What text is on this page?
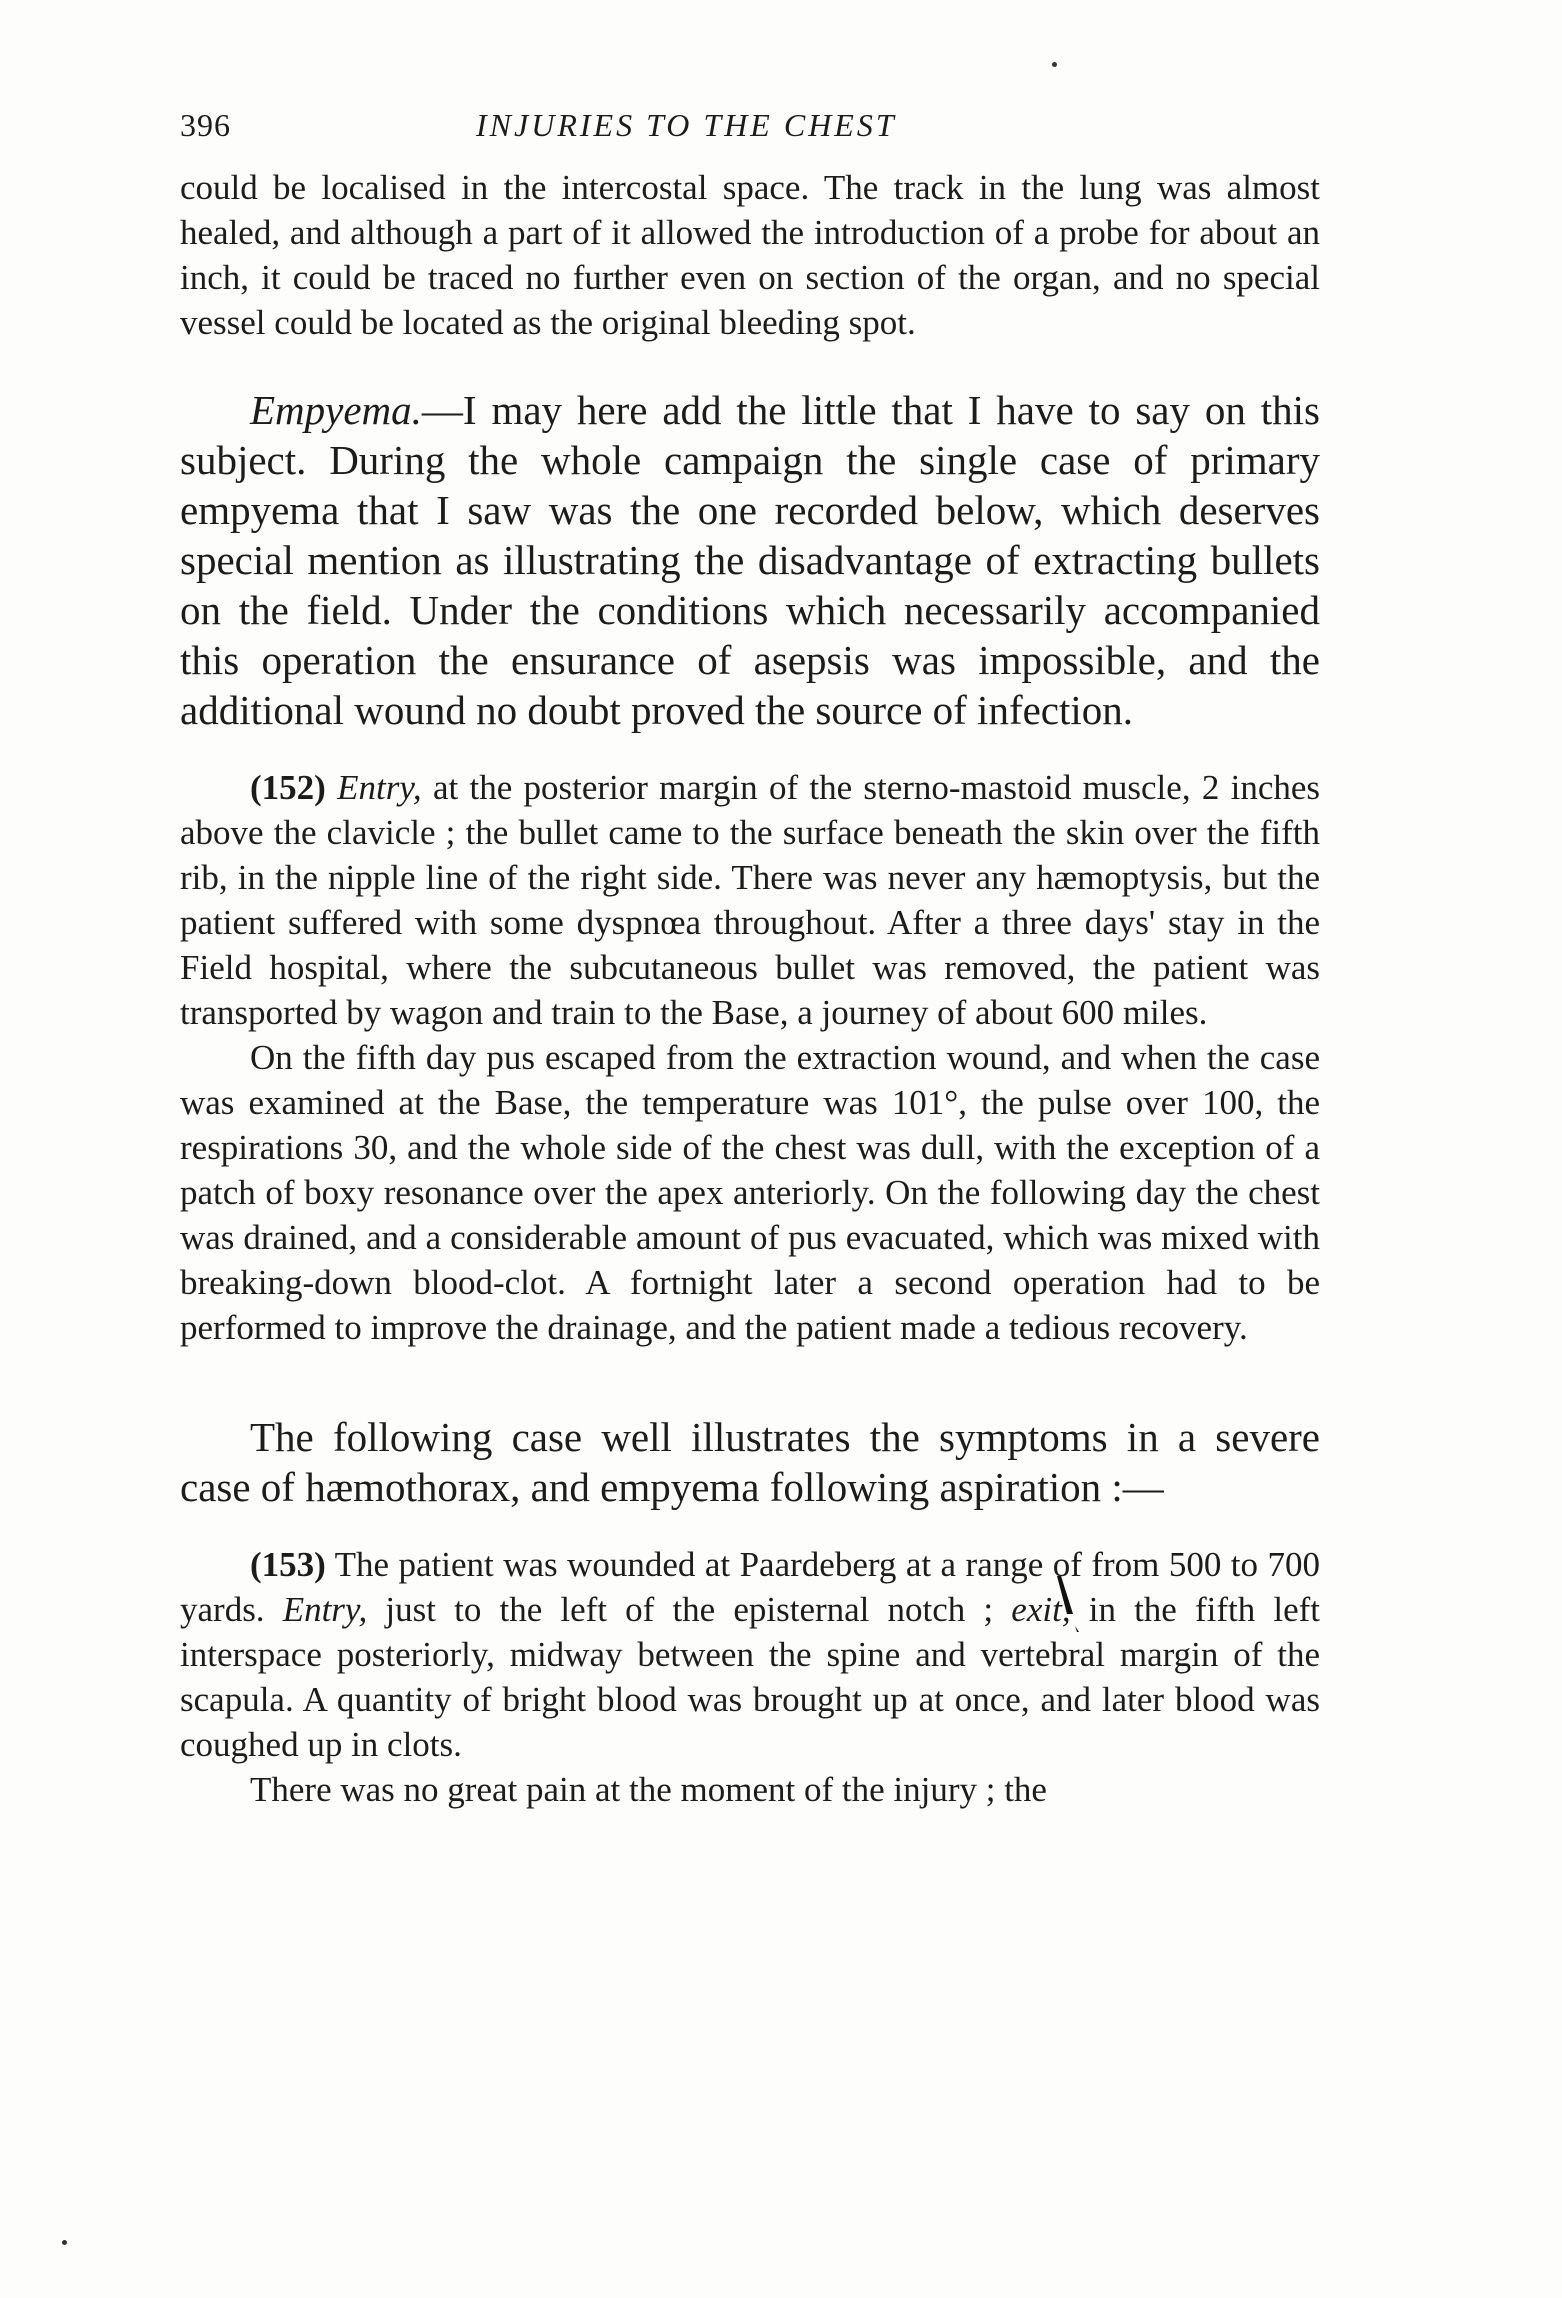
396	INJURIES TO THE CHEST

could be localised in the intercostal space. The track in the lung was almost healed, and although a part of it allowed the introduction of a probe for about an inch, it could be traced no further even on section of the organ, and no special vessel could be located as the original bleeding spot.

Empyema.—I may here add the little that I have to say on this subject. During the whole campaign the single case of primary empyema that I saw was the one recorded below, which deserves special mention as illustrating the disadvantage of extracting bullets on the field. Under the conditions which necessarily accompanied this operation the ensurance of asepsis was impossible, and the additional wound no doubt proved the source of infection.

(152) Entry, at the posterior margin of the sterno-mastoid muscle, 2 inches above the clavicle ; the bullet came to the surface beneath the skin over the fifth rib, in the nipple line of the right side. There was never any hæmoptysis, but the patient suffered with some dyspnœa throughout. After a three days' stay in the Field hospital, where the subcutaneous bullet was removed, the patient was transported by wagon and train to the Base, a journey of about 600 miles.

On the fifth day pus escaped from the extraction wound, and when the case was examined at the Base, the temperature was 101°, the pulse over 100, the respirations 30, and the whole side of the chest was dull, with the exception of a patch of boxy resonance over the apex anteriorly. On the following day the chest was drained, and a considerable amount of pus evacuated, which was mixed with breaking-down blood-clot. A fortnight later a second operation had to be performed to improve the drainage, and the patient made a tedious recovery.

The following case well illustrates the symptoms in a severe case of hæmothorax, and empyema following aspiration :—

(153) The patient was wounded at Paardeberg at a range of from 500 to 700 yards. Entry, just to the left of the episternal notch ; exit, in the fifth left interspace posteriorly, midway between the spine and vertebral margin of the scapula. A quantity of bright blood was brought up at once, and later blood was coughed up in clots.

There was no great pain at the moment of the injury ; the
